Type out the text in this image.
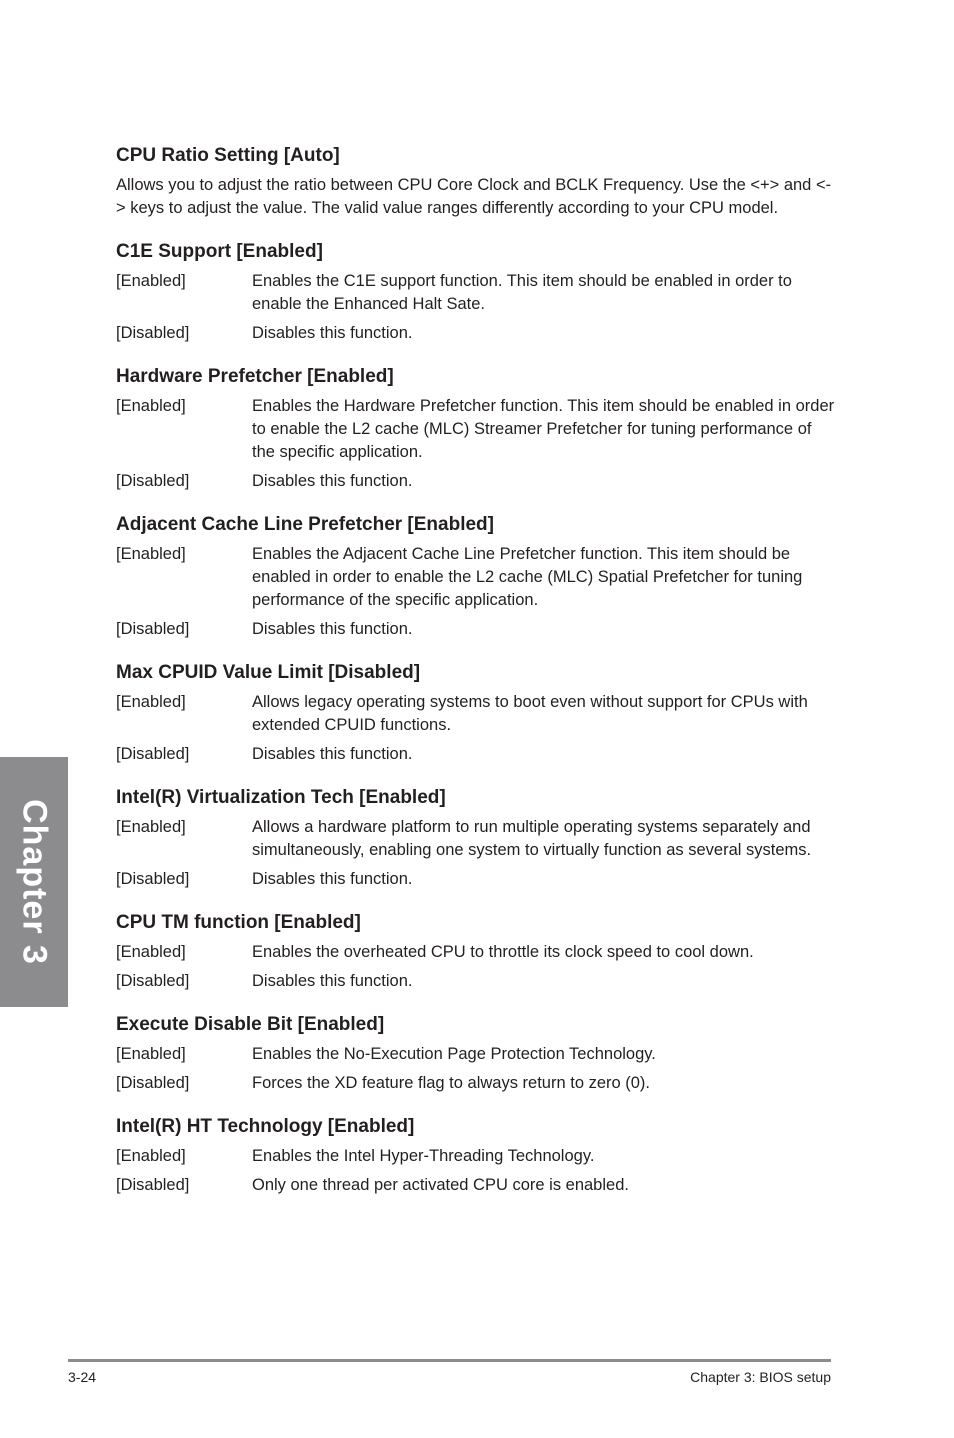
CPU Ratio Setting [Auto]
Allows you to adjust the ratio between CPU Core Clock and BCLK Frequency. Use the <+> and <-> keys to adjust the value. The valid value ranges differently according to your CPU model.
C1E Support [Enabled]
[Enabled]	Enables the C1E support function. This item should be enabled in order to enable the Enhanced Halt Sate.
[Disabled]	Disables this function.
Hardware Prefetcher [Enabled]
[Enabled]	Enables the Hardware Prefetcher function. This item should be enabled in order to enable the L2 cache (MLC) Streamer Prefetcher for tuning performance of the specific application.
[Disabled]	Disables this function.
Adjacent Cache Line Prefetcher [Enabled]
[Enabled]	Enables the Adjacent Cache Line Prefetcher function. This item should be enabled in order to enable the L2 cache (MLC) Spatial Prefetcher for tuning performance of the specific application.
[Disabled]	Disables this function.
Max CPUID Value Limit [Disabled]
[Enabled]	Allows legacy operating systems to boot even without support for CPUs with extended CPUID functions.
[Disabled]	Disables this function.
Intel(R) Virtualization Tech [Enabled]
[Enabled]	Allows a hardware platform to run multiple operating systems separately and simultaneously, enabling one system to virtually function as several systems.
[Disabled]	Disables this function.
CPU TM function [Enabled]
[Enabled]	Enables the overheated CPU to throttle its clock speed to cool down.
[Disabled]	Disables this function.
Execute Disable Bit [Enabled]
[Enabled]	Enables the No-Execution Page Protection Technology.
[Disabled]	Forces the XD feature flag to always return to zero (0).
Intel(R) HT Technology [Enabled]
[Enabled]	Enables the Intel Hyper-Threading Technology.
[Disabled]	Only one thread per activated CPU core is enabled.
Chapter 3
3-24	Chapter 3: BIOS setup
